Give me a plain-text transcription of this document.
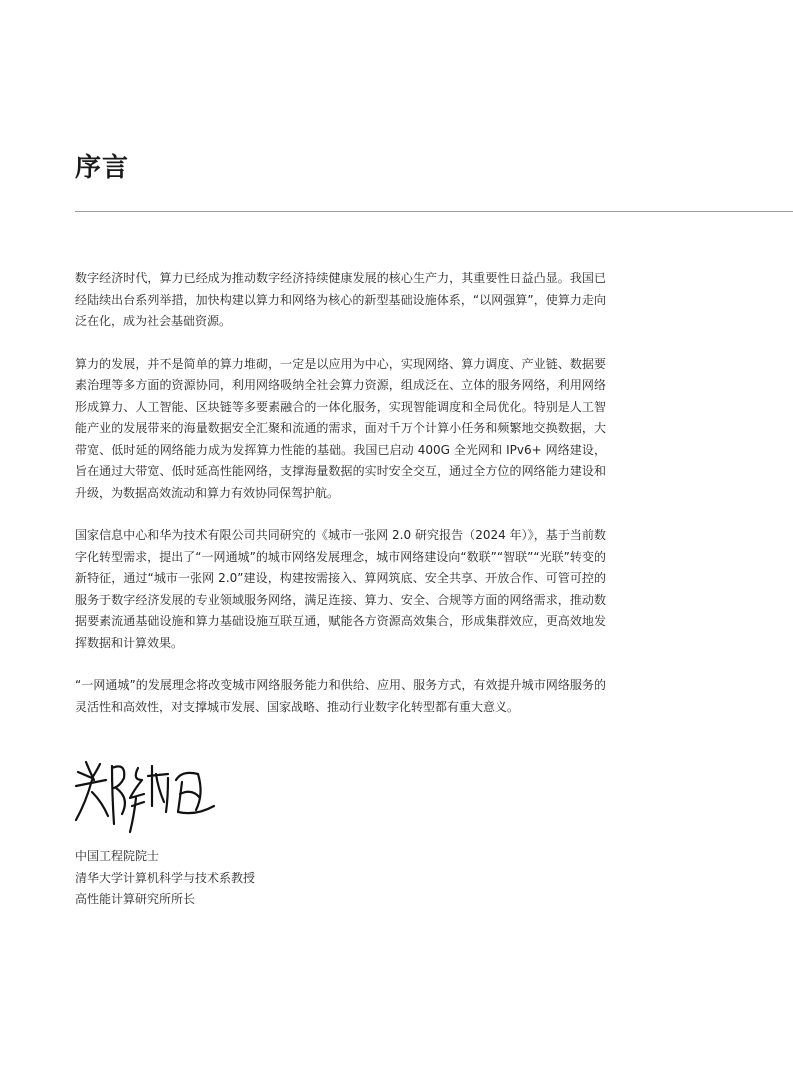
序言

数字经济时代，算力已经成为推动数字经济持续健康发展的核心生产力，其重要性日益凸显。我国已经陆续出台系列举措，加快构建以算力和网络为核心的新型基础设施体系，“以网强算”，使算力走向泛在化，成为社会基础资源。

算力的发展，并不是简单的算力堆砌，一定是以应用为中心，实现网络、算力调度、产业链、数据要素治理等多方面的资源协同，利用网络吸纳全社会算力资源，组成泛在、立体的服务网络，利用网络形成算力、人工智能、区块链等多要素融合的一体化服务，实现智能调度和全局优化。特别是人工智能产业的发展带来的海量数据安全汇聚和流通的需求，面对千万个计算小任务和频繁地交换数据，大带宽、低时延的网络能力成为发挥算力性能的基础。我国已启动 400G 全光网和 IPv6+ 网络建设，旨在通过大带宽、低时延高性能网络，支撑海量数据的实时安全交互，通过全方位的网络能力建设和升级，为数据高效流动和算力有效协同保驾护航。

国家信息中心和华为技术有限公司共同研究的《城市一张网 2.0 研究报告（2024 年）》，基于当前数字化转型需求，提出了“一网通城”的城市网络发展理念，城市网络建设向“数联”“智联”“光联”转变的新特征，通过“城市一张网 2.0”建设，构建按需接入、算网筑底、安全共享、开放合作、可管可控的服务于数字经济发展的专业领域服务网络，满足连接、算力、安全、合规等方面的网络需求，推动数据要素流通基础设施和算力基础设施互联互通，赋能各方资源高效集合，形成集群效应，更高效地发挥数据和计算效果。

“一网通城”的发展理念将改变城市网络服务能力和供给、应用、服务方式，有效提升城市网络服务的灵活性和高效性，对支撑城市发展、国家战略、推动行业数字化转型都有重大意义。

中国工程院院士
清华大学计算机科学与技术系教授
高性能计算研究所所长
